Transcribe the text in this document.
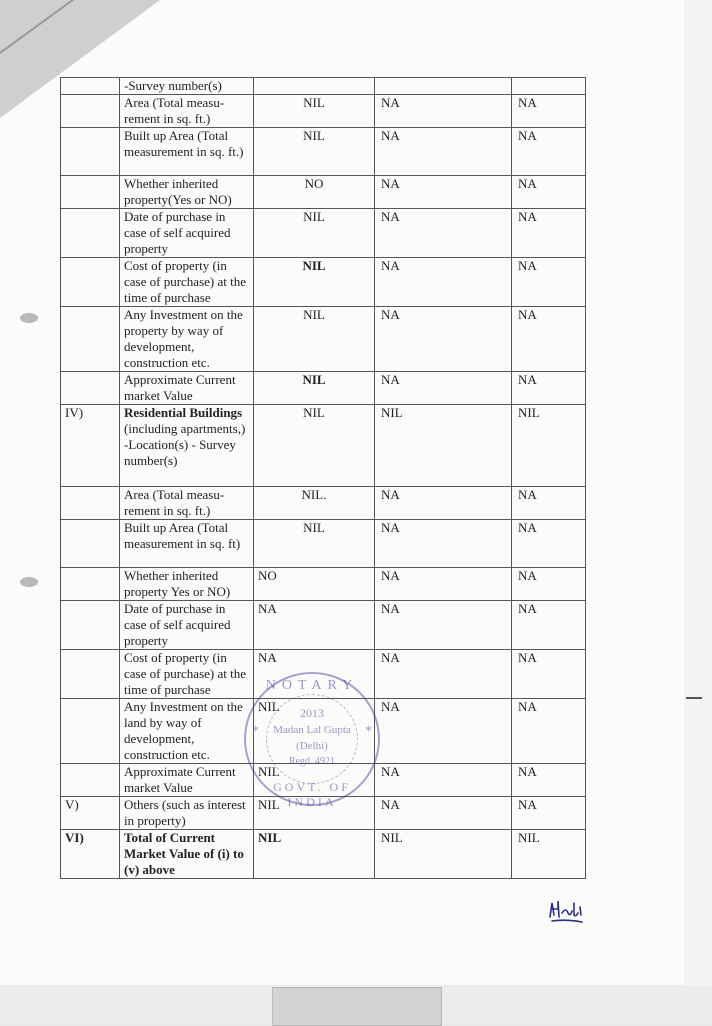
	-Survey number(s)			
	Area (Total measu-rement in sq. ft.)	NIL	NA	NA
	Built up Area (Total measurement in sq. ft.)	NIL	NA	NA
	Whether inherited property(Yes or NO)	NO	NA	NA
	Date of purchase in case of self acquired property	NIL	NA	NA
	Cost of property (in case of purchase) at the time of purchase	NIL	NA	NA
	Any Investment on the property by way of development, construction etc.	NIL	NA	NA
	Approximate Current market Value	NIL	NA	NA
IV)	Residential Buildings (including apartments,) -Location(s) - Survey number(s)	NIL	NIL	NIL
	Area (Total measu-rement in sq. ft.)	NIL.	NA	NA
	Built up Area (Total measurement in sq. ft)	NIL	NA	NA
	Whether inherited property Yes or NO)	NO	NA	NA
	Date of purchase in case of self acquired property	NA	NA	NA
	Cost of property (in case of purchase) at the time of purchase	NA	NA	NA
	Any Investment on the land by way of development, construction etc.	NIL	NA	NA
	Approximate Current market Value	NIL	NA	NA
V)	Others (such as interest in property)	NIL	NA	NA
VI)	Total of Current Market Value of (i) to (v) above	NIL	NIL	NIL
NOTARY
2013
*	*
Madan Lal Gupta
(Delhi)
Regd. 4921
GOVT. OF INDIA
